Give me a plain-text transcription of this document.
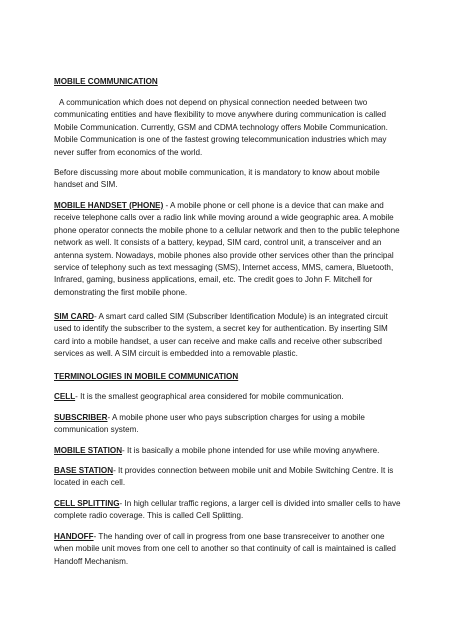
MOBILE COMMUNICATION

A communication which does not depend on physical connection needed between two communicating entities and have flexibility to move anywhere during communication is called Mobile Communication. Currently, GSM and CDMA technology offers Mobile Communication. Mobile Communication is one of the fastest growing telecommunication industries which may never suffer from economics of the world.

Before discussing more about mobile communication, it is mandatory to know about mobile handset and SIM.

MOBILE HANDSET (PHONE) - A mobile phone or cell phone is a device that can make and receive telephone calls over a radio link while moving around a wide geographic area. A mobile phone operator connects the mobile phone to a cellular network and then to the public telephone network as well. It consists of a battery, keypad, SIM card, control unit, a transceiver and an antenna system. Nowadays, mobile phones also provide other services other than the principal service of telephony such as text messaging (SMS), Internet access, MMS, camera, Bluetooth, Infrared, gaming, business applications, email, etc. The credit goes to John F. Mitchell for demonstrating the first mobile phone.

SIM CARD- A smart card called SIM (Subscriber Identification Module) is an integrated circuit used to identify the subscriber to the system, a secret key for authentication. By inserting SIM card into a mobile handset, a user can receive and make calls and receive other subscribed services as well. A SIM circuit is embedded into a removable plastic.

TERMINOLOGIES IN MOBILE COMMUNICATION

CELL- It is the smallest geographical area considered for mobile communication.

SUBSCRIBER- A mobile phone user who pays subscription charges for using a mobile communication system.

MOBILE STATION- It is basically a mobile phone intended for use while moving anywhere.

BASE STATION- It provides connection between mobile unit and Mobile Switching Centre. It is located in each cell.

CELL SPLITTING- In high cellular traffic regions, a larger cell is divided into smaller cells to have complete radio coverage. This is called Cell Splitting.

HANDOFF- The handing over of call in progress from one base transreceiver to another one when mobile unit moves from one cell to another so that continuity of call is maintained is called Handoff Mechanism.
